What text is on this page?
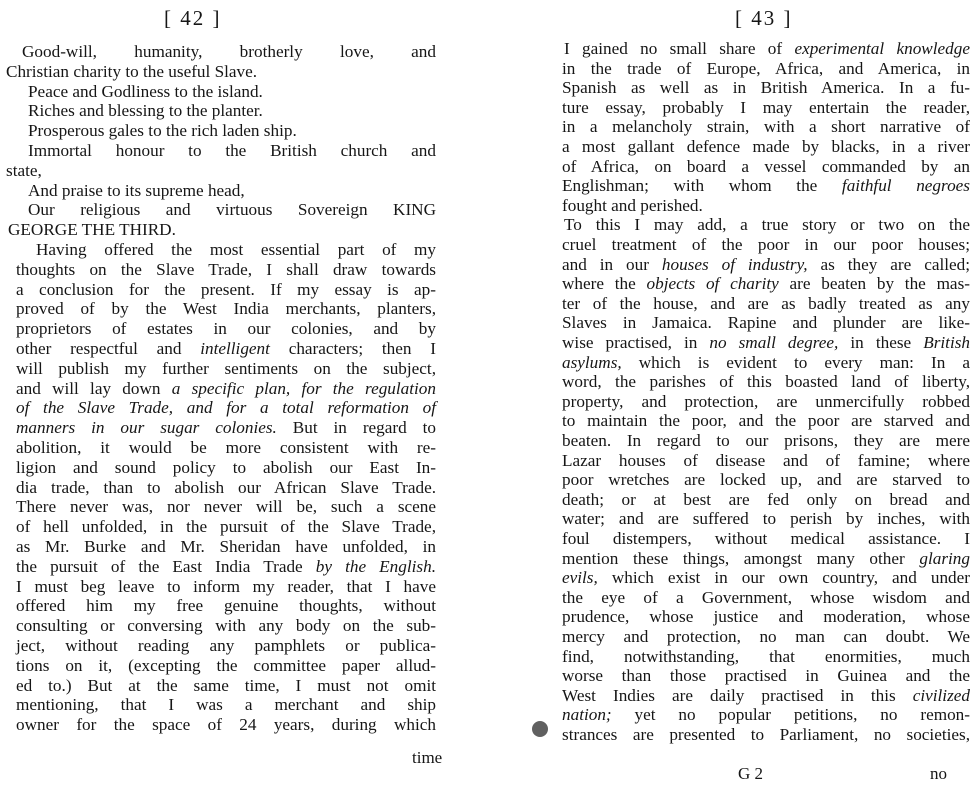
[ 42 ]
Good-will, humanity, brotherly love, and
Christian charity to the useful Slave.
Peace and Godliness to the island.
Riches and blessing to the planter.
Prosperous gales to the rich laden ship.
Immortal honour to the British church and
state,
And praise to its supreme head,
Our religious and virtuous Sovereign KING
GEORGE THE THIRD.
Having offered the most essential part of my
thoughts on the Slave Trade, I shall draw towards
a conclusion for the present. If my essay is ap-
proved of by the West India merchants, planters,
proprietors of estates in our colonies, and by
other respectful and intelligent characters; then I
will publish my further sentiments on the subject,
and will lay down a specific plan, for the regulation
of the Slave Trade, and for a total reformation of
manners in our sugar colonies. But in regard to
abolition, it would be more consistent with re-
ligion and sound policy to abolish our East In-
dia trade, than to abolish our African Slave Trade.
There never was, nor never will be, such a scene
of hell unfolded, in the pursuit of the Slave Trade,
as Mr. Burke and Mr. Sheridan have unfolded, in
the pursuit of the East India Trade by the English.
I must beg leave to inform my reader, that I have
offered him my free genuine thoughts, without
consulting or conversing with any body on the sub-
ject, without reading any pamphlets or publica-
tions on it, (excepting the committee paper allud-
ed to.) But at the same time, I must not omit
mentioning, that I was a merchant and ship
owner for the space of 24 years, during which
time
[ 43 ]
I gained no small share of experimental knowledge
in the trade of Europe, Africa, and America, in
Spanish as well as in British America. In a fu-
ture essay, probably I may entertain the reader,
in a melancholy strain, with a short narrative of
a most gallant defence made by blacks, in a river
of Africa, on board a vessel commanded by an
Englishman; with whom the faithful negroes
fought and perished.
To this I may add, a true story or two on the
cruel treatment of the poor in our poor houses;
and in our houses of industry, as they are called;
where the objects of charity are beaten by the mas-
ter of the house, and are as badly treated as any
Slaves in Jamaica. Rapine and plunder are like-
wise practised, in no small degree, in these British
asylums, which is evident to every man: In a
word, the parishes of this boasted land of liberty,
property, and protection, are unmercifully robbed
to maintain the poor, and the poor are starved and
beaten. In regard to our prisons, they are mere
Lazar houses of disease and of famine; where
poor wretches are locked up, and are starved to
death; or at best are fed only on bread and
water; and are suffered to perish by inches, with
foul distempers, without medical assistance. I
mention these things, amongst many other glaring
evils, which exist in our own country, and under
the eye of a Government, whose wisdom and
prudence, whose justice and moderation, whose
mercy and protection, no man can doubt. We
find, notwithstanding, that enormities, much
worse than those practised in Guinea and the
West Indies are daily practised in this civilized
nation; yet no popular petitions, no remon-
strances are presented to Parliament, no societies,
G 2	no
